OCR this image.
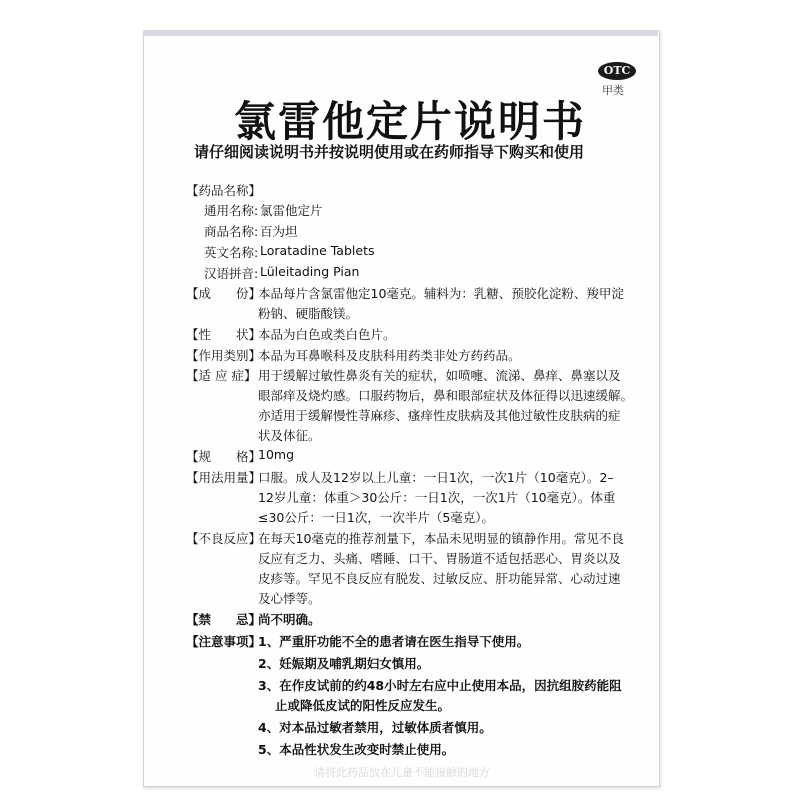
OTC
甲类
氯雷他定片说明书
请仔细阅读说明书并按说明使用或在药师指导下购买和使用
【药品名称】
通用名称: 氯雷他定片
商品名称: 百为坦
英文名称: Loratadine Tablets
汉语拼音: Lüleitading Pian
【成　　份】
本品每片含氯雷他定10毫克。辅料为：乳糖、预胶化淀粉、羧甲淀
粉钠、硬脂酸镁。
【性　　状】
本品为白色或类白色片。
【作用类别】
本品为耳鼻喉科及皮肤科用药类非处方药药品。
【适 应 症】 用于缓解过敏性鼻炎有关的症状，如喷嚏、流涕、鼻痒、鼻塞以及
眼部痒及烧灼感。口服药物后，鼻和眼部症状及体征得以迅速缓解。
亦适用于缓解慢性荨麻疹、瘙痒性皮肤病及其他过敏性皮肤病的症
状及体征。
【规　　格】
10mg
【用法用量】
口服。成人及12岁以上儿童：一日1次，一次1片（10毫克）。2–
12岁儿童：体重＞30公斤：一日1次，一次1片（10毫克）。体重
≤30公斤：一日1次，一次半片（5毫克）。
【不良反应】
在每天10毫克的推荐剂量下，本品未见明显的镇静作用。常见不良
反应有乏力、头痛、嗜睡、口干、胃肠道不适包括恶心、胃炎以及
皮疹等。罕见不良反应有脱发、过敏反应、肝功能异常、心动过速
及心悸等。
【禁　　忌】
尚不明确。
【注意事项】
1、严重肝功能不全的患者请在医生指导下使用。
2、妊娠期及哺乳期妇女慎用。
3、在作皮试前的约48小时左右应中止使用本品，因抗组胺药能阻
止或降低皮试的阳性反应发生。
4、对本品过敏者禁用，过敏体质者慎用。
5、本品性状发生改变时禁止使用。
请将此药品放在儿童不能接触的地方
